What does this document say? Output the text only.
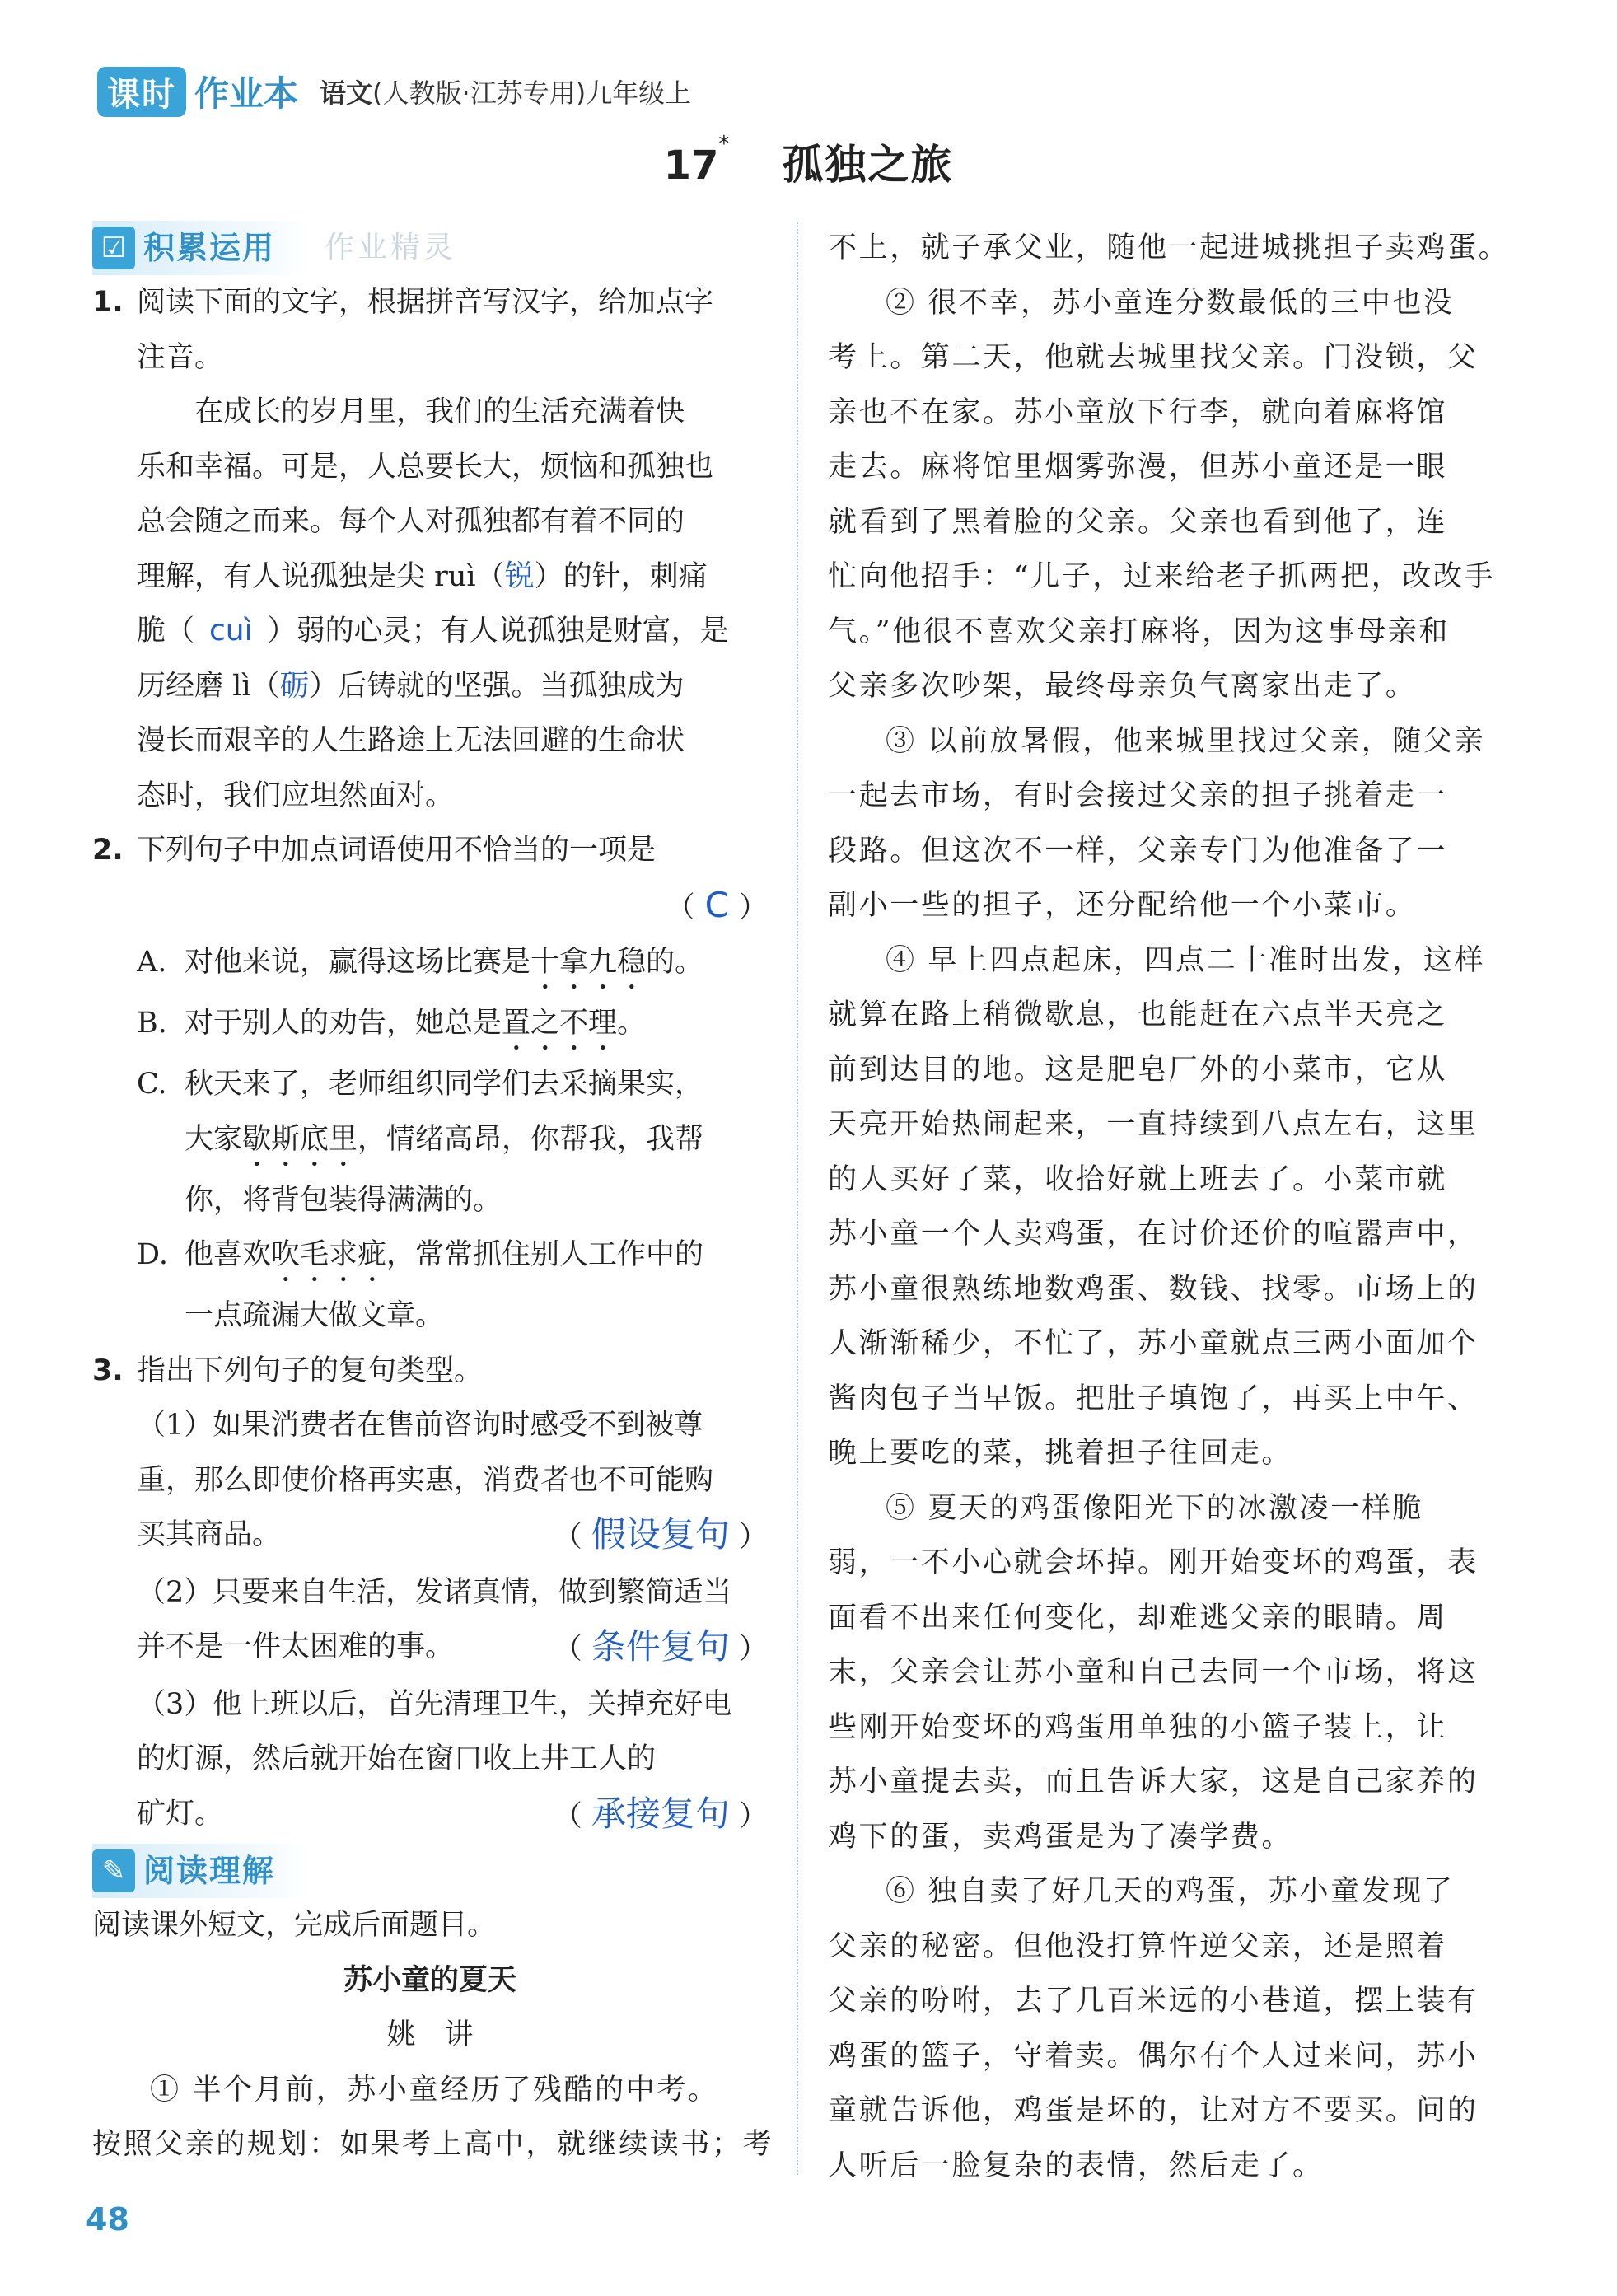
课时 作业本 语文(人教版·江苏专用)九年级上
17* 孤独之旅
☑ 积累运用 作业精灵
1. 阅读下面的文字，根据拼音写汉字，给加点字
注音。
在成长的岁月里，我们的生活充满着快
乐和幸福。可是，人总要长大，烦恼和孤独也
总会随之而来。每个人对孤独都有着不同的
理解，有人说孤独是尖 ruì（锐）的针，刺痛
脆（ cuì ）弱的心灵；有人说孤独是财富，是
历经磨 lì（砺）后铸就的坚强。当孤独成为
漫长而艰辛的人生路途上无法回避的生命状
态时，我们应坦然面对。
2. 下列句子中加点词语使用不恰当的一项是
（ C ）
A. 对他来说，赢得这场比赛是十拿九稳的。
B. 对于别人的劝告，她总是置之不理。
C. 秋天来了，老师组织同学们去采摘果实，
大家歇斯底里，情绪高昂，你帮我，我帮
你，将背包装得满满的。
D. 他喜欢吹毛求疵，常常抓住别人工作中的
一点疏漏大做文章。
3. 指出下列句子的复句类型。
（1）如果消费者在售前咨询时感受不到被尊
重，那么即使价格再实惠，消费者也不可能购
买其商品。	（ 假设复句 ）
（2）只要来自生活，发诸真情，做到繁简适当
并不是一件太困难的事。	（ 条件复句 ）
（3）他上班以后，首先清理卫生，关掉充好电
的灯源，然后就开始在窗口收上井工人的
矿灯。	（ 承接复句 ）
✎ 阅读理解
阅读课外短文，完成后面题目。
苏小童的夏天
姚　讲
① 半个月前，苏小童经历了残酷的中考。
按照父亲的规划：如果考上高中，就继续读书；考
不上，就子承父业，随他一起进城挑担子卖鸡蛋。
② 很不幸，苏小童连分数最低的三中也没
考上。第二天，他就去城里找父亲。门没锁，父
亲也不在家。苏小童放下行李，就向着麻将馆
走去。麻将馆里烟雾弥漫，但苏小童还是一眼
就看到了黑着脸的父亲。父亲也看到他了，连
忙向他招手：“儿子，过来给老子抓两把，改改手
气。”他很不喜欢父亲打麻将，因为这事母亲和
父亲多次吵架，最终母亲负气离家出走了。
③ 以前放暑假，他来城里找过父亲，随父亲
一起去市场，有时会接过父亲的担子挑着走一
段路。但这次不一样，父亲专门为他准备了一
副小一些的担子，还分配给他一个小菜市。
④ 早上四点起床，四点二十准时出发，这样
就算在路上稍微歇息，也能赶在六点半天亮之
前到达目的地。这是肥皂厂外的小菜市，它从
天亮开始热闹起来，一直持续到八点左右，这里
的人买好了菜，收拾好就上班去了。小菜市就
苏小童一个人卖鸡蛋，在讨价还价的喧嚣声中，
苏小童很熟练地数鸡蛋、数钱、找零。市场上的
人渐渐稀少，不忙了，苏小童就点三两小面加个
酱肉包子当早饭。把肚子填饱了，再买上中午、
晚上要吃的菜，挑着担子往回走。
⑤ 夏天的鸡蛋像阳光下的冰激凌一样脆
弱，一不小心就会坏掉。刚开始变坏的鸡蛋，表
面看不出来任何变化，却难逃父亲的眼睛。周
末，父亲会让苏小童和自己去同一个市场，将这
些刚开始变坏的鸡蛋用单独的小篮子装上，让
苏小童提去卖，而且告诉大家，这是自己家养的
鸡下的蛋，卖鸡蛋是为了凑学费。
⑥ 独自卖了好几天的鸡蛋，苏小童发现了
父亲的秘密。但他没打算忤逆父亲，还是照着
父亲的吩咐，去了几百米远的小巷道，摆上装有
鸡蛋的篮子，守着卖。偶尔有个人过来问，苏小
童就告诉他，鸡蛋是坏的，让对方不要买。问的
人听后一脸复杂的表情，然后走了。
48
